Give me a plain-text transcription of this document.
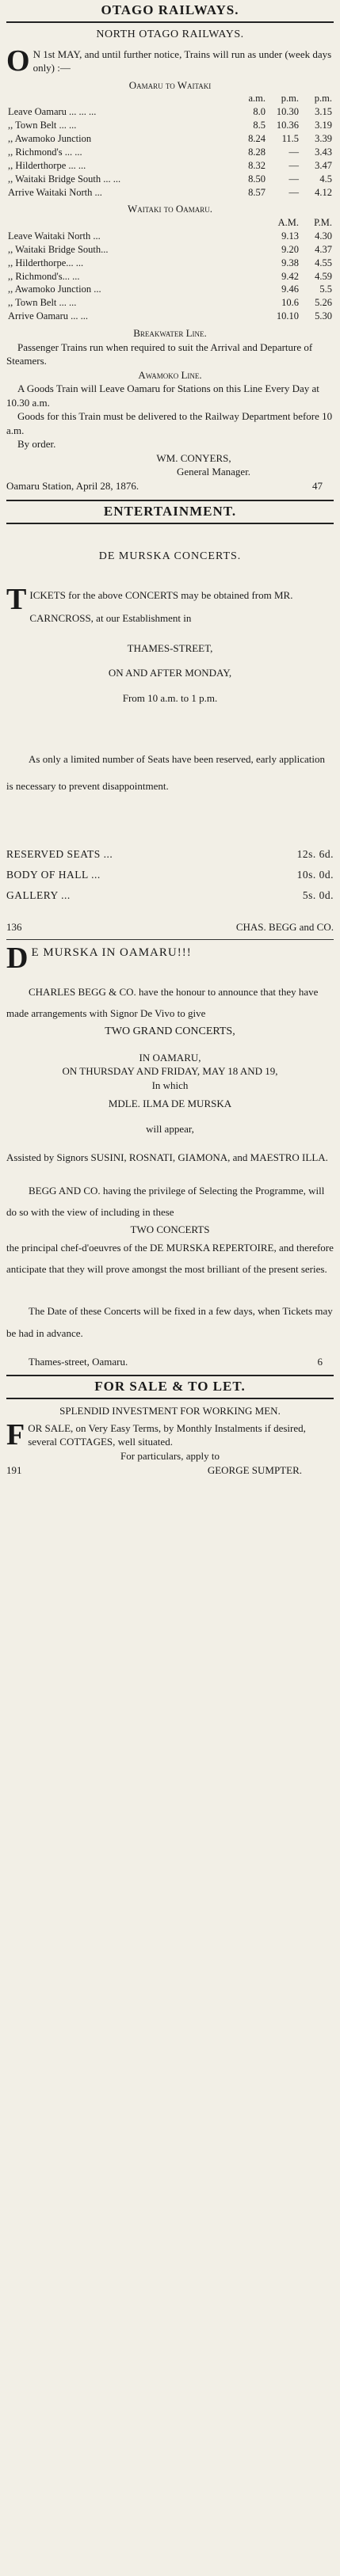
OTAGO RAILWAYS.
NORTH OTAGO RAILWAYS.
O N 1st MAY, and until further notice, Trains will run as under (week days only) :—
Oamaru to Waitaki
	a.m.	p.m.	p.m.
Leave Oamaru ... ... ...	8.0	10.30	3.15
,, Town Belt ... ...	8.5	10.36	3.19
,, Awamoko Junction	8.24	11.5	3.39
,, Richmond's ... ...	8.28	—	3.43
,, Hilderthorpe ... ...	8.32	—	3.47
,, Waitaki Bridge South ... ...	8.50	—	4.5
Arrive Waitaki North ...	8.57	—	4.12
Waitaki to Oamaru.
	A.M.	P.M.
Leave Waitaki North ...	9.13	4.30
,, Waitaki Bridge South...	9.20	4.37
,, Hilderthorpe... ...	9.38	4.55
,, Richmond's... ...	9.42	4.59
,, Awamoko Junction ...	9.46	5.5
,, Town Belt ... ...	10.6	5.26
Arrive Oamaru ... ...	10.10	5.30
Breakwater Line.
Passenger Trains run when required to suit the Arrival and Departure of Steamers.
Awamoko Line.
A Goods Train will Leave Oamaru for Stations on this Line Every Day at 10.30 a.m.
Goods for this Train must be delivered to the Railway Department before 10 a.m.
By order.
WM. CONYERS,
General Manager.
Oamaru Station, April 28, 1876.	47
ENTERTAINMENT.
DE MURSKA CONCERTS.
T ICKETS for the above CONCERTS may be obtained from MR. CARNCROSS, at our Establishment in
THAMES-STREET,
ON AND AFTER MONDAY,
From 10 a.m. to 1 p.m.
As only a limited number of Seats have been reserved, early application is necessary to prevent disappointment.
RESERVED SEATS ...	12s. 6d.
BODY OF HALL ...	10s. 0d.
GALLERY ...	5s. 0d.
136	CHAS. BEGG and CO.
D E MURSKA IN OAMARU!!!
CHARLES BEGG & CO. have the honour to announce that they have made arrangements with Signor De Vivo to give
TWO GRAND CONCERTS,
IN OAMARU,
ON THURSDAY AND FRIDAY, MAY 18 AND 19,
In which
MDLE. ILMA DE MURSKA
will appear,
Assisted by Signors SUSINI, ROSNATI, GIAMONA, and MAESTRO ILLA.
BEGG AND CO. having the privilege of Selecting the Programme, will do so with the view of including in these
TWO CONCERTS
the principal chef-d'oeuvres of the DE MURSKA REPERTOIRE, and therefore anticipate that they will prove amongst the most brilliant of the present series.
The Date of these Concerts will be fixed in a few days, when Tickets may be had in advance.
Thames-street, Oamaru.	6
FOR SALE & TO LET.
SPLENDID INVESTMENT FOR WORKING MEN.
F OR SALE, on Very Easy Terms, by Monthly Instalments if desired, several COTTAGES, well situated.
For particulars, apply to
191	GEORGE SUMPTER.
